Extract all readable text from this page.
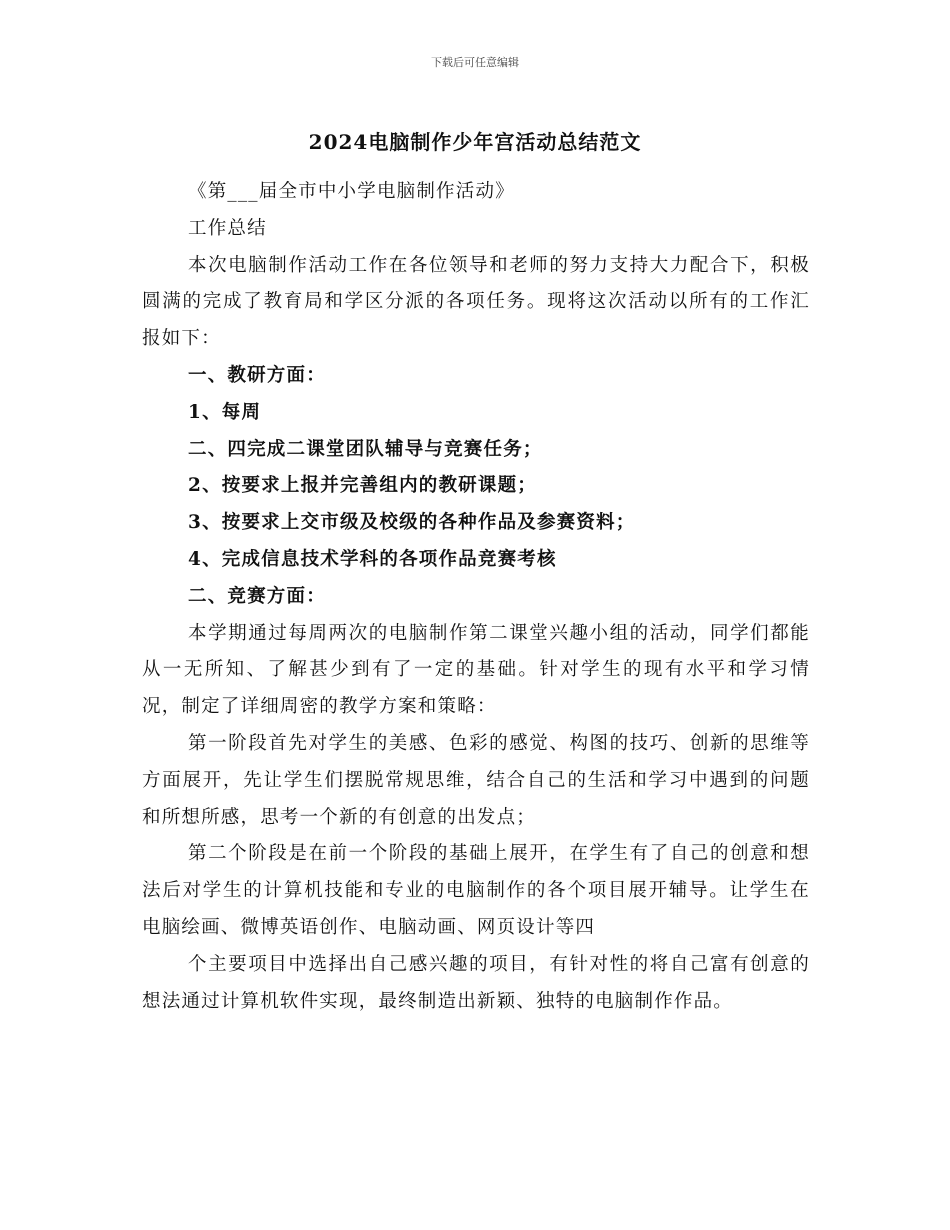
下载后可任意编辑
2024电脑制作少年宫活动总结范文

《第___届全市中小学电脑制作活动》

工作总结

本次电脑制作活动工作在各位领导和老师的努力支持大力配合下，积极圆满的完成了教育局和学区分派的各项任务。现将这次活动以所有的工作汇报如下：

一、教研方面：

1、每周

二、四完成二课堂团队辅导与竞赛任务；

2、按要求上报并完善组内的教研课题；

3、按要求上交市级及校级的各种作品及参赛资料；

4、完成信息技术学科的各项作品竞赛考核

二、竞赛方面：

本学期通过每周两次的电脑制作第二课堂兴趣小组的活动，同学们都能从一无所知、了解甚少到有了一定的基础。针对学生的现有水平和学习情况，制定了详细周密的教学方案和策略：

第一阶段首先对学生的美感、色彩的感觉、构图的技巧、创新的思维等方面展开，先让学生们摆脱常规思维，结合自己的生活和学习中遇到的问题和所想所感，思考一个新的有创意的出发点；

第二个阶段是在前一个阶段的基础上展开，在学生有了自己的创意和想法后对学生的计算机技能和专业的电脑制作的各个项目展开辅导。让学生在电脑绘画、微博英语创作、电脑动画、网页设计等四

个主要项目中选择出自己感兴趣的项目，有针对性的将自己富有创意的想法通过计算机软件实现，最终制造出新颖、独特的电脑制作作品。
